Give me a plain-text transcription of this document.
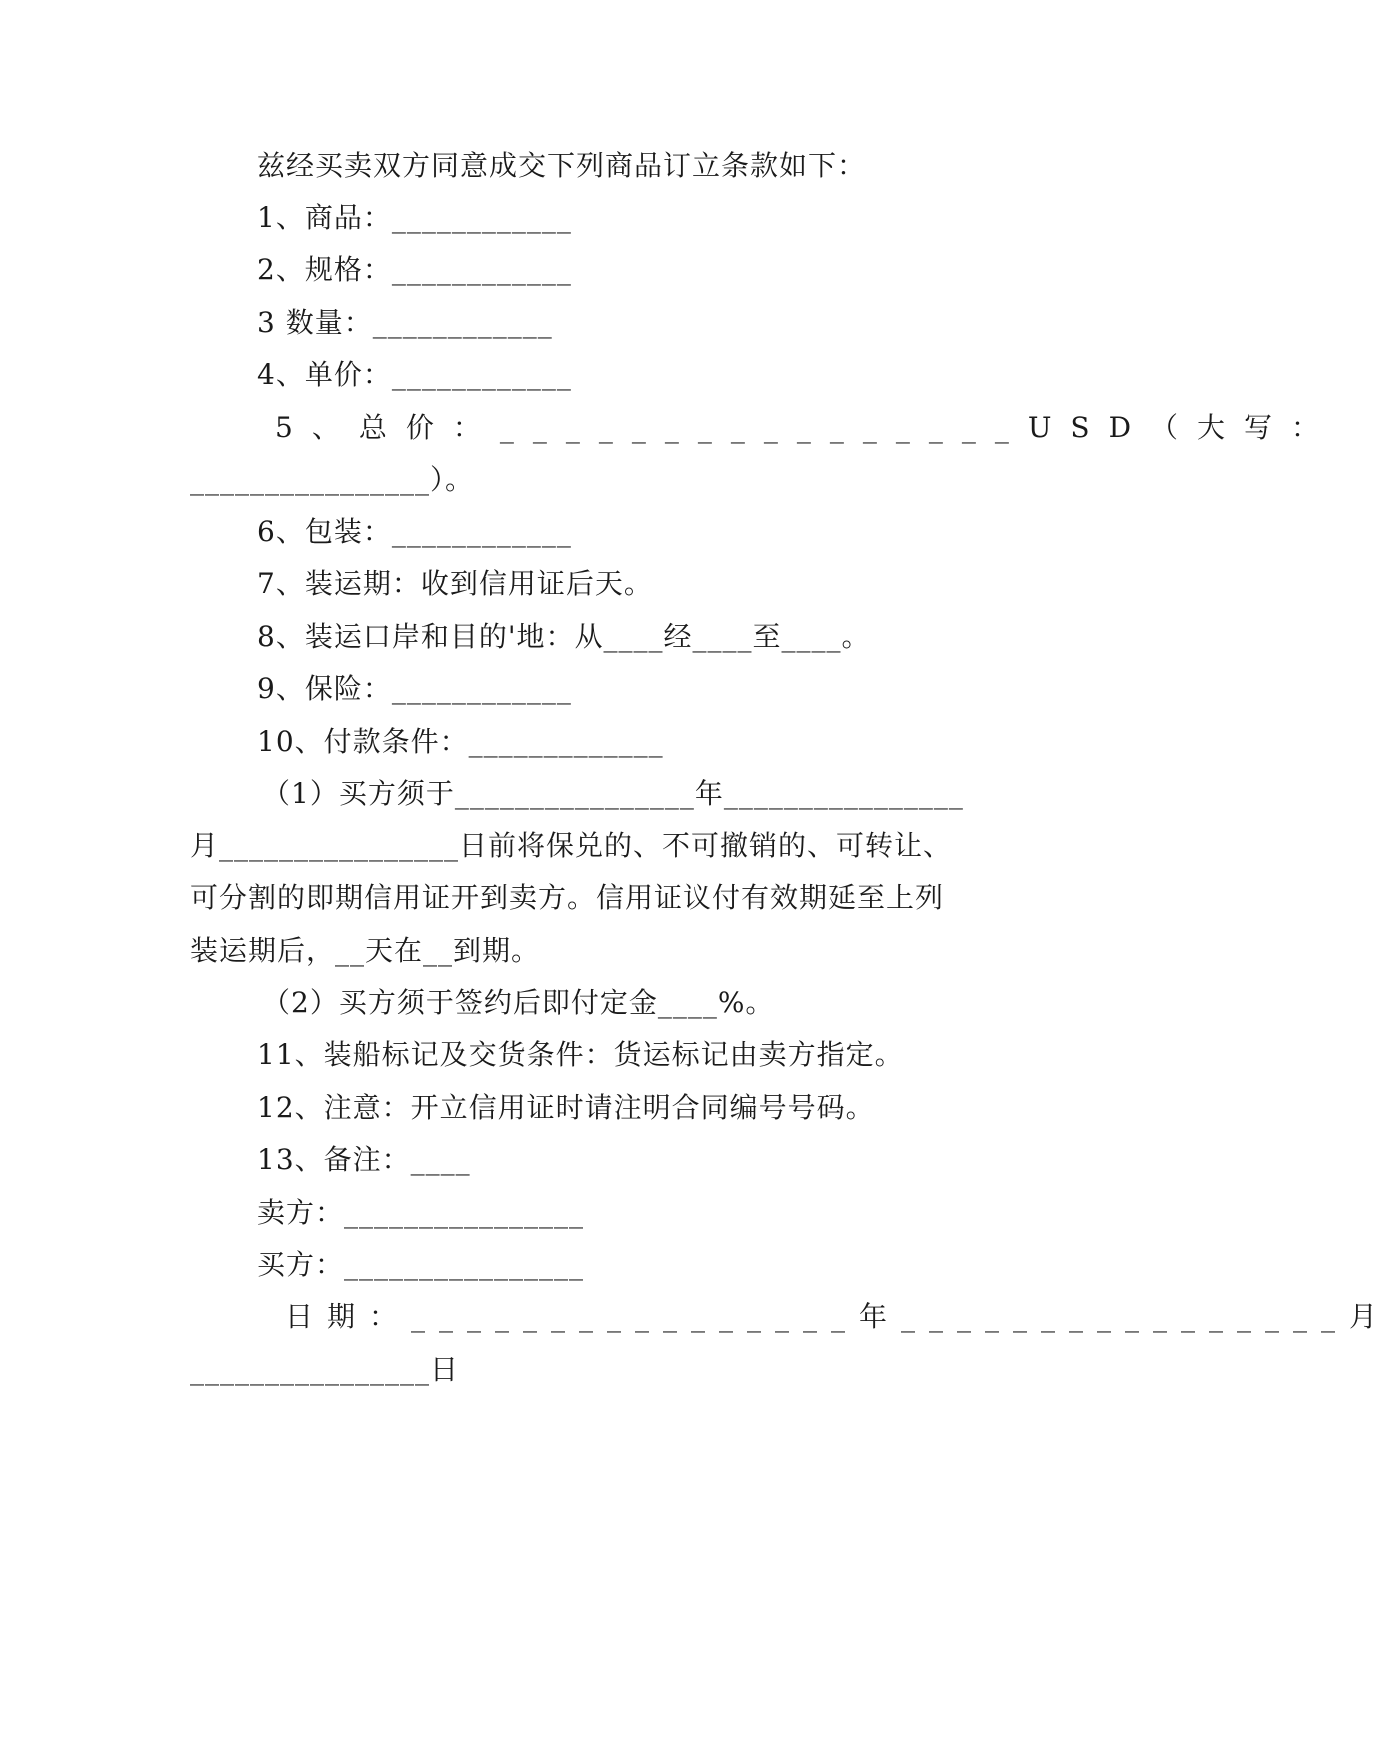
兹经买卖双方同意成交下列商品订立条款如下：
1、商品：____________
2、规格：____________
3 数量：____________
4、单价：____________
5、总价：________________USD（大写：
________________）。
6、包装：____________
7、装运期：收到信用证后天。
8、装运口岸和目的'地：从____经____至____。
9、保险：____________
10、付款条件：_____________
（1）买方须于________________年________________
月________________日前将保兑的、不可撤销的、可转让、
可分割的即期信用证开到卖方。信用证议付有效期延至上列
装运期后，__天在__到期。
（2）买方须于签约后即付定金____%。
11、装船标记及交货条件：货运标记由卖方指定。
12、注意：开立信用证时请注明合同编号号码。
13、备注：____
卖方：________________
买方：________________
日期：________________年________________月
________________日
